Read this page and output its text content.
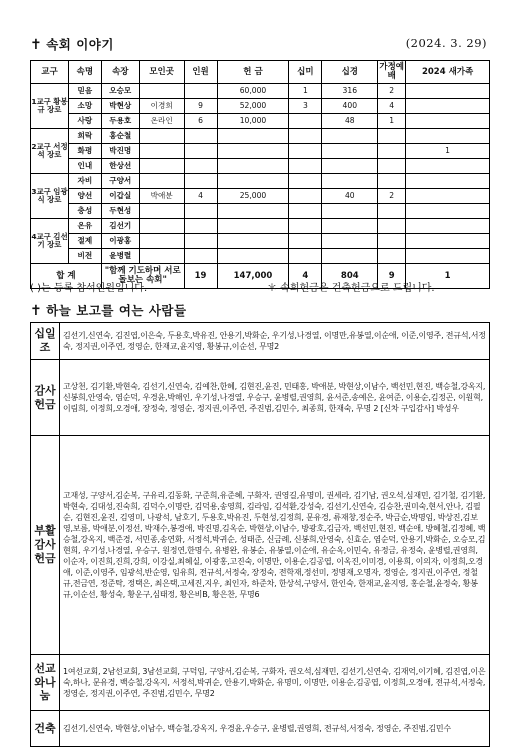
✝ 속회 이야기	(2024. 3. 29)
교구	속명	속장	모인곳	인원	헌 금	십미	십경	가정예배	2024 새가족
1교구 황봉규 장로	믿음	오승모			60,000	1	316	2	
	소망	박현상	이경희	9	52,000	3	400	4	
	사랑	두용호	온라인	6	10,000		48	1	
2교구 서정석 장로	희락	홍순철							
	화평	박진명							1
	인내	한상선							
3교구 임광식 장로	자비	구양서							
	양선	이갑실	박애분	4	25,000		40	2	
	충성	두현성							
4교구 김선기 장로	온유	김선기							
	절제	이광홍							
	비전	윤병렬							
합 계		"함께 기도하며 서로 돌보는 속회"		19	147,000	4	804	9	1
( )는 등록 참석인원입니다.	＊ 속회헌금은 건축헌금으로 드립니다.
✝ 하늘 보고를 여는 사람들
십일조	김선기,신연숙, 김진엽,이은숙, 두용호,박유진, 안용기,박화순, 우기성,나경열, 이명만,유봉열,이순애, 이준,이영주, 전규석,서정숙, 정지권,이주연, 정영순, 한재교,윤지영, 황봉규,이순선, 무명2
감사헌금	고상천, 김기환,박현숙, 김선기,신연숙, 김예찬,한혜, 김현진,윤진, 민태홍, 박애분, 박현상,이남수, 백선민,현진, 백승철,강옥지, 신봉희,안영숙, 염순덕, 우경윤,박해인, 우기성,나경열, 우승구, 윤병렬,권영희, 윤서준,송예은, 윤여준, 이용순,김정곤, 이원혁,이림희, 이정희,오경애, 장정숙, 정영순, 정지권,이주연, 주진범,김민수, 최종희, 한재숙, 무명 2 [신차 구입감사] 박성우
부활감사헌금	고재성, 구양서,김순복, 구유리,김동화, 구준희,유준혜, 구화자, 권영길,유명미, 권세라, 김기남, 권오석,심재민, 김기철, 김기환,박현숙, 김대성,진숙희, 김덕수,이명란, 김덕용,송영희, 김라임, 김석환,강성숙, 김선기,신연숙, 김승찬,권미숙,현서,안나, 김필순, 김현진,윤진, 김영미, 나광석, 남호기, 두용호,박유진, 두현성,김정희, 문유경, 류재창,정순주, 박금순,박명임, 박상진,김보영,보름, 박애분,이정선, 박재수,봉경애, 박진명,김옥순, 박현상,이남수, 방광호,김금자, 백선민,현진, 백순애, 방혜철,김정혜, 백승철,강옥지, 백준경, 서민종,송연화, 서정석,박귀순, 성태준, 신금례, 신봉희,안영숙, 신효순, 염순덕, 안용기,박화순, 오승모,김현희, 우기성,나경열, 우승구, 원정연,한명수, 유병완, 유봉순, 유봉열,이순애, 유순옥,이민숙, 유정금, 유정숙, 윤병렬,권영희, 이순자, 이진희,진희,강희, 이강실,최혜실, 이광홍,고진숙, 이명만, 이용순,김공엽, 이옥진,이미경, 이용희, 이의자, 이정희,오경애, 이준,이영주, 임광석,반순영, 임유희, 전규석,서정숙, 장정숙, 전학재,정선미, 정명재,오명자, 정영순, 정지권,이주연, 정철규,전금연, 정준탁, 정택은, 최은택,고세진,지우, 최인자, 하준차, 한상석,구양서, 한인숙, 한재교,윤지영, 홍순철,윤정숙, 황봉규,이순선, 황성숙, 황운구,심태정, 황은비B, 황은찬, 무명6
선교와나눔	1여선교회, 2남선교회, 3남선교회, 구덕임, 구양서,김순복, 구화자, 권오석,심재민, 김선기,신연숙, 김재억,이기혜, 김진엽,이은숙,하나, 문유경, 백승철,강옥지, 서정석,박귀순, 안용기,박화순, 유명미, 이명만, 이용순,김공엽, 이정희,오경애, 전규석,서정숙, 정영순, 정지권,이주연, 주진범,김민수, 무명2
건축	김선기,신연숙, 박현상,이남수, 백승철,강옥지, 우경윤,우승구, 윤병렬,권영희, 전규석,서정숙, 정영순, 주진범,김민수
